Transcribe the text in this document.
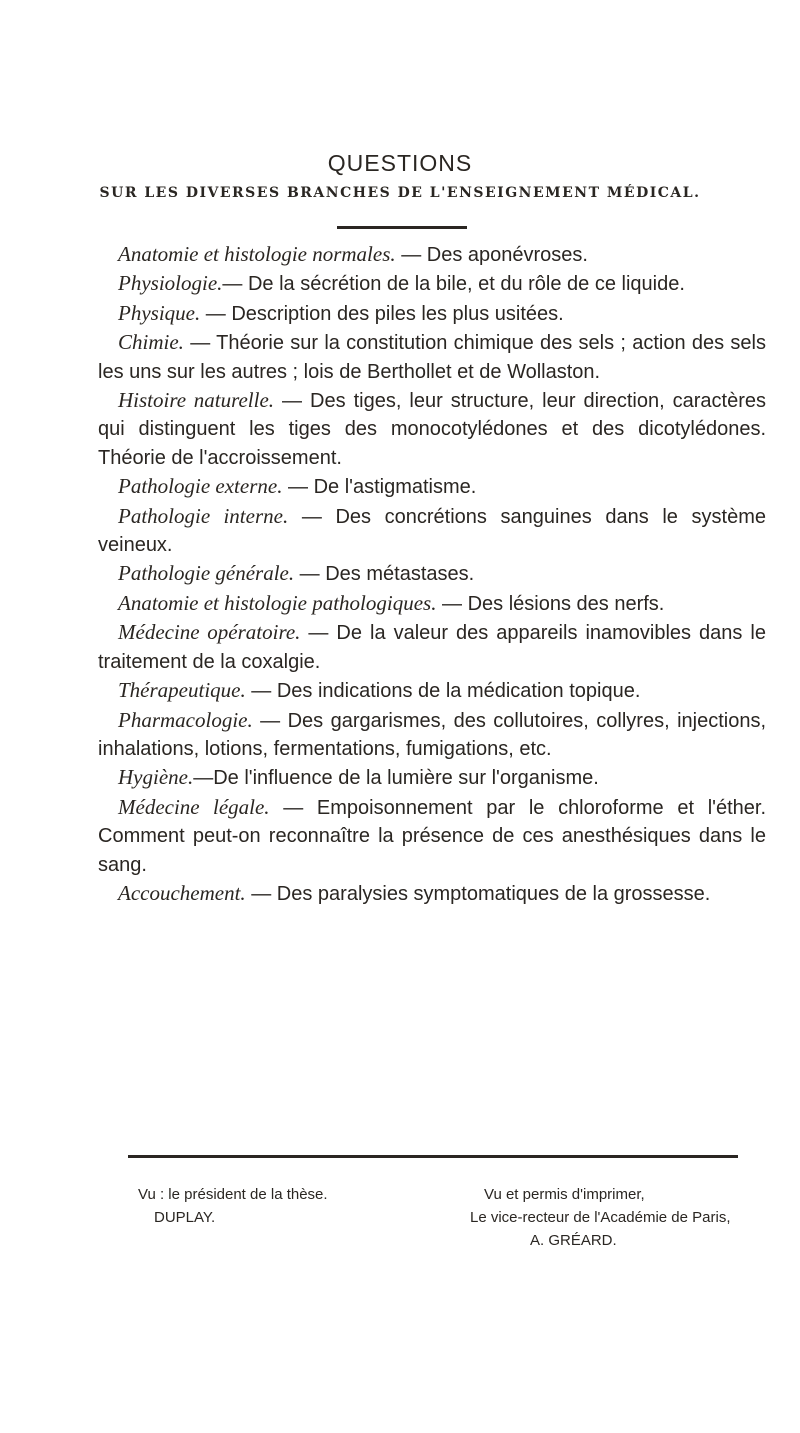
QUESTIONS
SUR LES DIVERSES BRANCHES DE L'ENSEIGNEMENT MÉDICAL.

Anatomie et histologie normales. — Des aponévroses.

Physiologie.— De la sécrétion de la bile, et du rôle de ce liquide.

Physique. — Description des piles les plus usitées.

Chimie. — Théorie sur la constitution chimique des sels ; action des sels les uns sur les autres ; lois de Berthollet et de Wollaston.

Histoire naturelle. — Des tiges, leur structure, leur direction, caractères qui distinguent les tiges des monocotylédones et des dicotylédones. Théorie de l'accroissement.

Pathologie externe. — De l'astigmatisme.

Pathologie interne. — Des concrétions sanguines dans le système veineux.

Pathologie générale. — Des métastases.

Anatomie et histologie pathologiques. — Des lésions des nerfs.

Médecine opératoire. — De la valeur des appareils inamovibles dans le traitement de la coxalgie.

Thérapeutique. — Des indications de la médication topique.

Pharmacologie. — Des gargarismes, des collutoires, collyres, injections, inhalations, lotions, fermentations, fumigations, etc.

Hygiène.—De l'influence de la lumière sur l'organisme.

Médecine légale. — Empoisonnement par le chloroforme et l'éther. Comment peut-on reconnaître la présence de ces anesthésiques dans le sang.

Accouchement. — Des paralysies symptomatiques de la grossesse.

Vu : le président de la thèse.
DUPLAY.
Vu et permis d'imprimer,
Le vice-recteur de l'Académie de Paris,
A. GRÉARD.
